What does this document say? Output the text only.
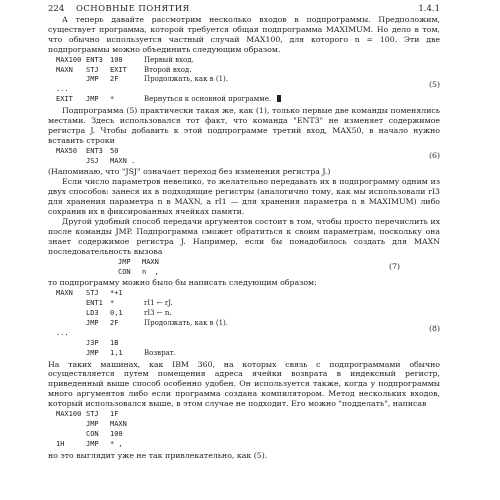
224 ОСНОВНЫЕ ПОНЯТИЯ	1.4.1

А теперь давайте рассмотрим несколько входов в подпрограммы. Предположим, существует программа, которой требуется общая подпрограмма MAXIMUM. Но дело в том, что обычно используется частный случай MAX100, для которого n = 100. Эти две подпрограммы можно объединить следующим образом.

MAX100 ENT3 100	Первый вход.
MAXN STJ EXIT Второй вход.
JMP 2F	Продолжать, как в (1).
...
EXIT JMP *	Вернуться к основной программе.
(5)

Подпрограмма (5) практически такая же, как (1), только первые две команды поменялись местами. Здесь использовался тот факт, что команда "ENT3" не изменяет содержимое регистра J. Чтобы добавить к этой подпрограмме третий вход, MAX50, в начало нужно вставить строки

MAX50 ENT3 50
JSJ MAXN .
(6)

(Напоминаю, что "JSJ" означает переход без изменения регистра J.)

Если число параметров невелико, то желательно передавать их в подпрограмму одним из двух способов: занеся их в подходящие регистры (аналогично тому, как мы использовали rI3 для хранения параметра n в MAXN, а rI1 — для хранения параметра n в MAXIMUM) либо сохранив их в фиксированных ячейках памяти.

Другой удобный способ передачи аргументов состоит в том, чтобы просто перечислить их после команды JMP. Подпрограмма сможет обратиться к своим параметрам, поскольку она знает содержимое регистра J. Например, если бы понадобилось создать для MAXN последовательность вызова

JMP MAXN
CON n  ,
(7)

то подпрограмму можно было бы написать следующим образом:

MAXN STJ *+1
ENT1 *	rI1 ← rJ.
LD3 0,1	rI3 ← n.
JMP 2F	Продолжать, как в (1).
...
J3P 1B
JMP 1,1	Возврат.
(8)

На таких машинах, как IBM 360, на которых связь с подпрограммами обычно осуществляется путем помещения адреса ячейки возврата в индексный регистр, приведенный выше способ особенно удобен. Он используется также, когда у подпрограммы много аргументов либо если программа создана компилятором. Метод нескольких входов, который использовался выше, в этом случае не подходит. Его можно "подделать", написав

MAX100 STJ 1F
JMP MAXN
CON 100
1H	JMP * ,

но это выглядит уже не так привлекательно, как (5).
